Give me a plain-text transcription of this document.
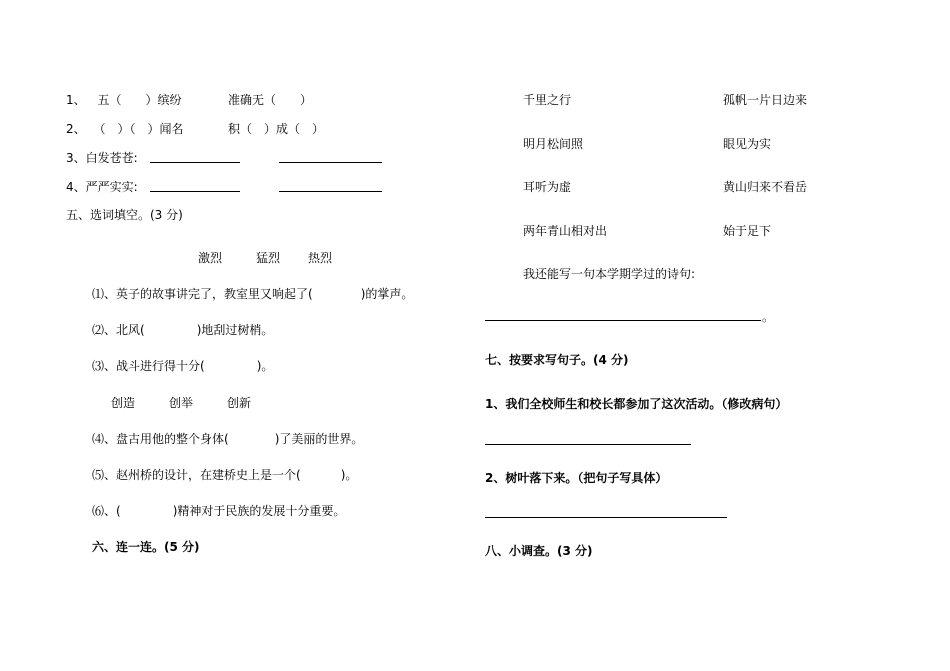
1、 五（　　）缤纷	准确无（　　）
2、 （　）（　）闻名	积（　）成（　）
3、白发苍苍:
4、严严实实:
五、选词填空。(3 分)
激烈	猛烈 热烈
⑴、英子的故事讲完了，教室里又响起了(	)的掌声。
⑵、北风(	)地刮过树梢。
⑶、战斗进行得十分(	)。
创造	创举	创新
⑷、盘古用他的整个身体(	)了美丽的世界。
⑸、赵州桥的设计，在建桥史上是一个(	)。
⑹、(	)精神对于民族的发展十分重要。
六、连一连。(5 分)
千里之行	孤帆一片日边来
明月松间照	眼见为实
耳听为虚	黄山归来不看岳
两年青山相对出	始于足下
我还能写一句本学期学过的诗句:
。
七、按要求写句子。(4 分)
1、我们全校师生和校长都参加了这次活动。（修改病句）
2、树叶落下来。（把句子写具体）
八、小调查。(3 分)
